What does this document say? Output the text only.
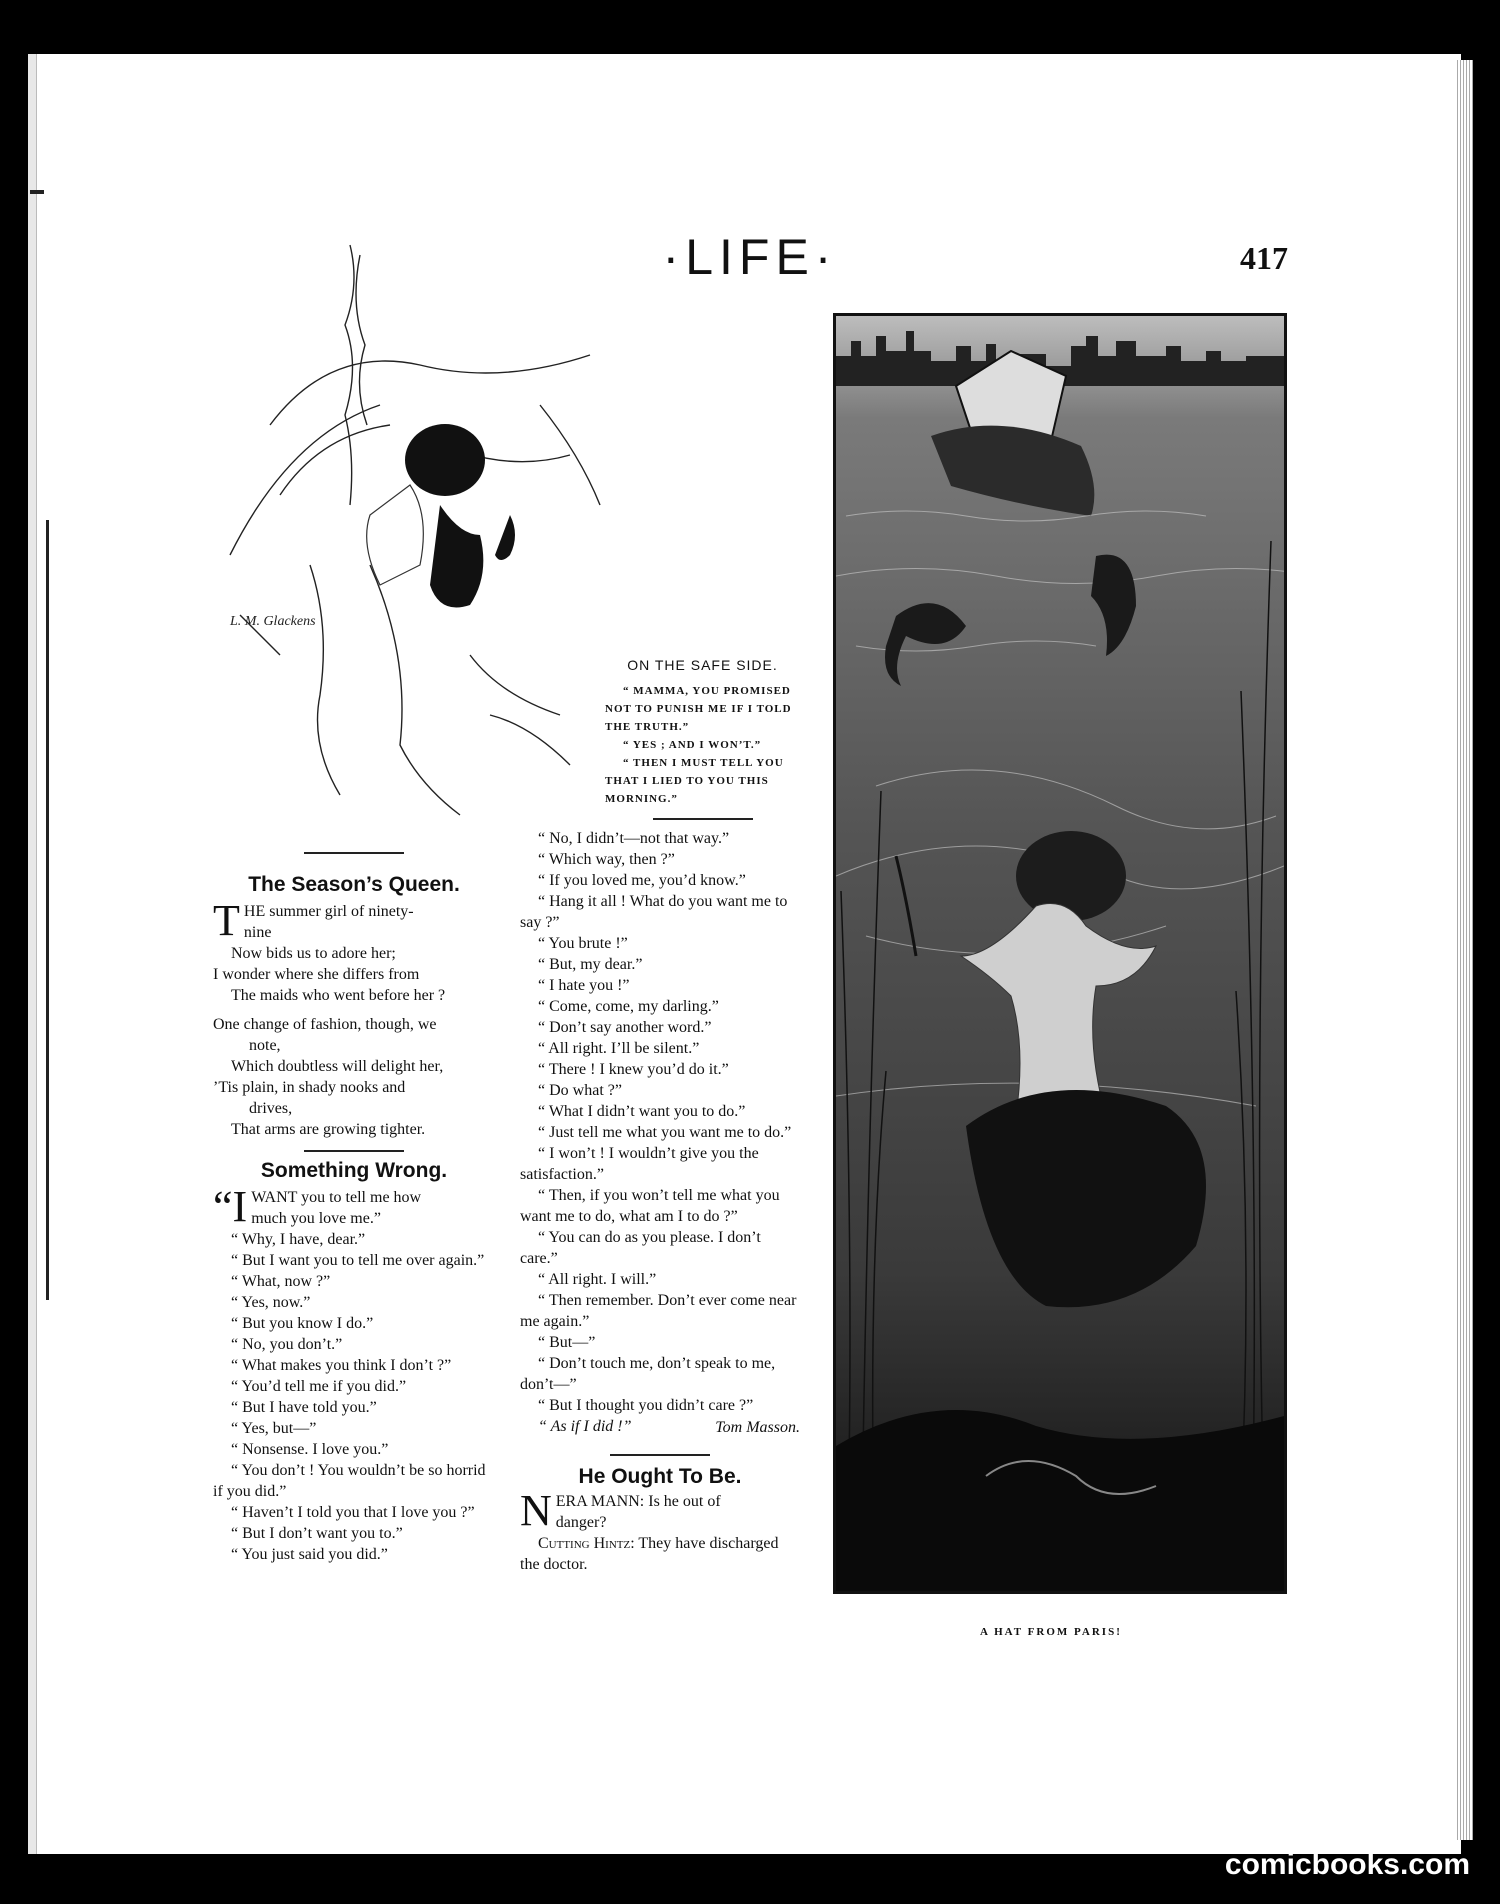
·LIFE·	417
L. M. Glackens
ON THE SAFE SIDE.

“ MAMMA, YOU PROMISED NOT TO PUNISH ME IF I TOLD THE TRUTH.”

“ YES ; AND I WON’T.”

“ THEN I MUST TELL YOU THAT I LIED TO YOU THIS MORNING.”

The Season’s Queen.

T HE summer girl of ninety-

nine

Now bids us to adore her;

I wonder where she differs from

The maids who went before her ?

One change of fashion, though, we

note,

Which doubtless will delight her,

’Tis plain, in shady nooks and

drives,

That arms are growing tighter.

Something Wrong.

“I WANT you to tell me how

much you love me.”

“ Why, I have, dear.”

“ But I want you to tell me over again.”

“ What, now ?”

“ Yes, now.”

“ But you know I do.”

“ No, you don’t.”

“ What makes you think I don’t ?”

“ You’d tell me if you did.”

“ But I have told you.”

“ Yes, but—”

“ Nonsense. I love you.”

“ You don’t ! You wouldn’t be so horrid if you did.”

“ Haven’t I told you that I love you ?”

“ But I don’t want you to.”

“ You just said you did.”

“ No, I didn’t—not that way.”

“ Which way, then ?”

“ If you loved me, you’d know.”

“ Hang it all ! What do you want me to say ?”

“ You brute !”

“ But, my dear.”

“ I hate you !”

“ Come, come, my darling.”

“ Don’t say another word.”

“ All right. I’ll be silent.”

“ There ! I knew you’d do it.”

“ Do what ?”

“ What I didn’t want you to do.”

“ Just tell me what you want me to do.”

“ I won’t ! I wouldn’t give you the satisfaction.”

“ Then, if you won’t tell me what you want me to do, what am I to do ?”

“ You can do as you please. I don’t care.”

“ All right. I will.”

“ Then remember. Don’t ever come near me again.”

“ But—”

“ Don’t touch me, don’t speak to me, don’t—”

“ But I thought you didn’t care ?”

“ As if I did !”	Tom Masson.

He Ought To Be.

N ERA MANN: Is he out of

danger?

Cutting Hintz: They have discharged the doctor.

A HAT FROM PARIS!
comicbooks.com
